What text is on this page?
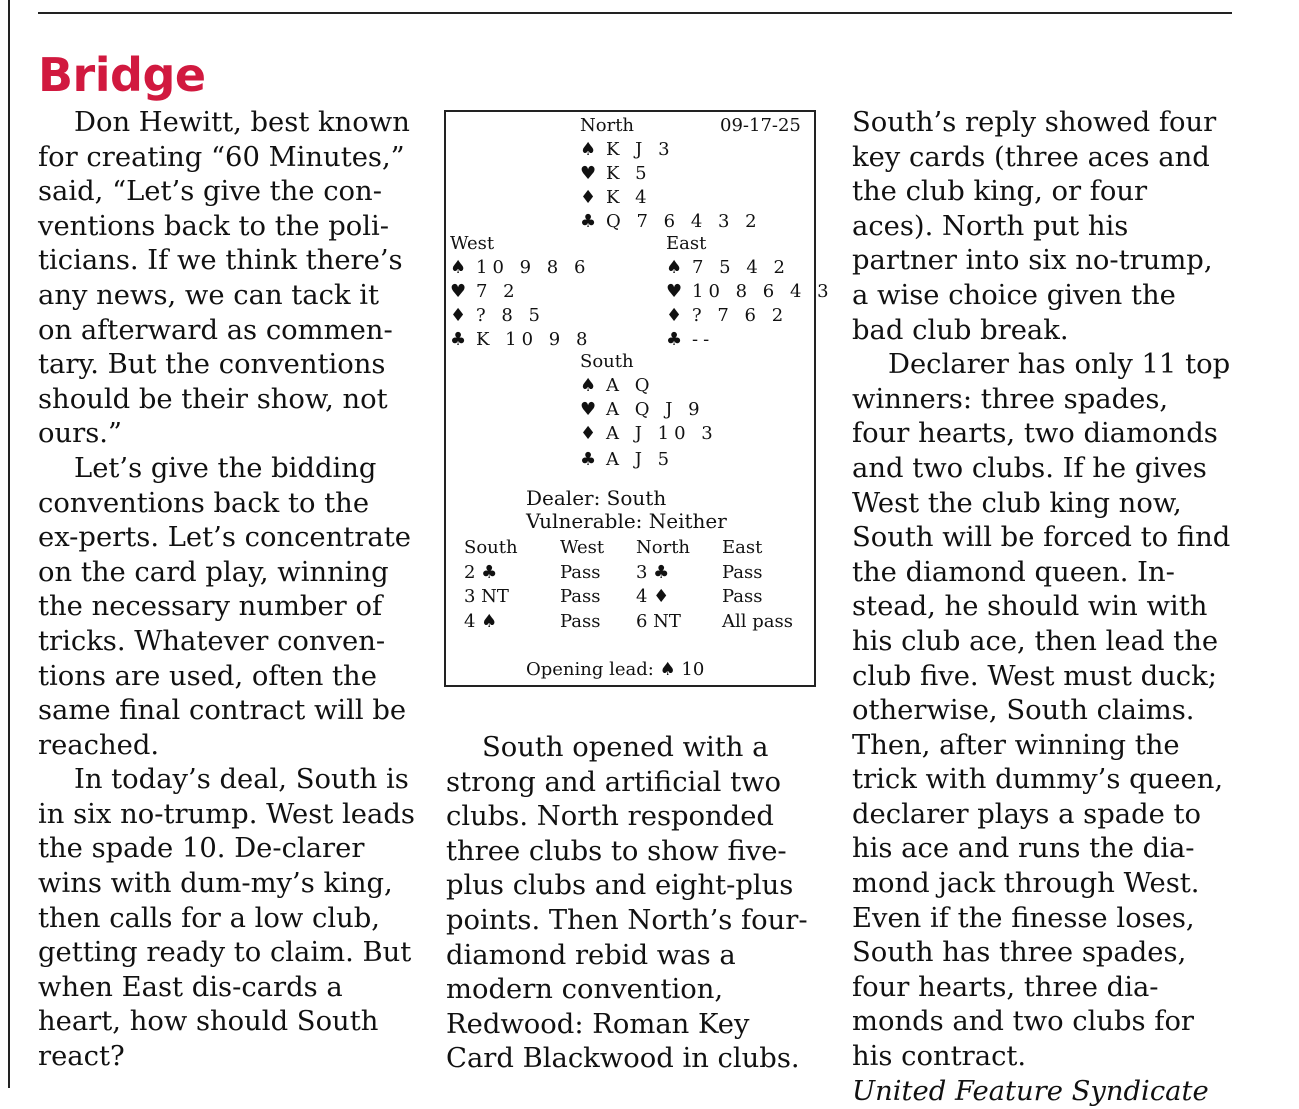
Bridge

Don Hewitt, best known for creating “60 Minutes,” said, “Let’s give the con-ventions back to the poli-ticians. If we think there’s any news, we can tack it on afterward as commen-tary. But the conventions should be their show, not ours.”

Let’s give the bidding conventions back to the ex-perts. Let’s concentrate on the card play, winning the necessary number of tricks. Whatever conven-tions are used, often the same final contract will be reached.

In today’s deal, South is in six no-trump. West leads the spade 10. De-clarer wins with dum-my’s king, then calls for a low club, getting ready to claim. But when East dis-cards a heart, how should South react?

North	09-17-25
♠ K J 3
♥ K 5
♦ K 4
♣ Q 7 6 4 3 2
West	East
♠ 10 9 8 6
♥ 7 2
♦ ? 8 5
♣ K 10 9 8
♠ 7 5 4 2
♥ 10 8 6 4 3
♦ ? 7 6 2
♣ --
South
♠ A Q
♥ A Q J 9
♦ A J 10 3
♣ A J 5
Dealer: South
Vulnerable: Neither
South West North East
2 ♣	Pass 3 ♣	Pass
3 NT	Pass 4 ♦	Pass
4 ♠	Pass 6 NT All pass
Opening lead: ♠ 10

South opened with a strong and artificial two clubs. North responded three clubs to show five-plus clubs and eight-plus points. Then North’s four-diamond rebid was a modern convention, Redwood: Roman Key Card Blackwood in clubs.

South’s reply showed four key cards (three aces and the club king, or four aces). North put his partner into six no-trump, a wise choice given the bad club break.

Declarer has only 11 top winners: three spades, four hearts, two diamonds and two clubs. If he gives West the club king now, South will be forced to find the diamond queen. In-stead, he should win with his club ace, then lead the club five. West must duck; otherwise, South claims. Then, after winning the trick with dummy’s queen, declarer plays a spade to his ace and runs the dia-mond jack through West. Even if the finesse loses, South has three spades, four hearts, three dia-monds and two clubs for his contract.

United Feature Syndicate
